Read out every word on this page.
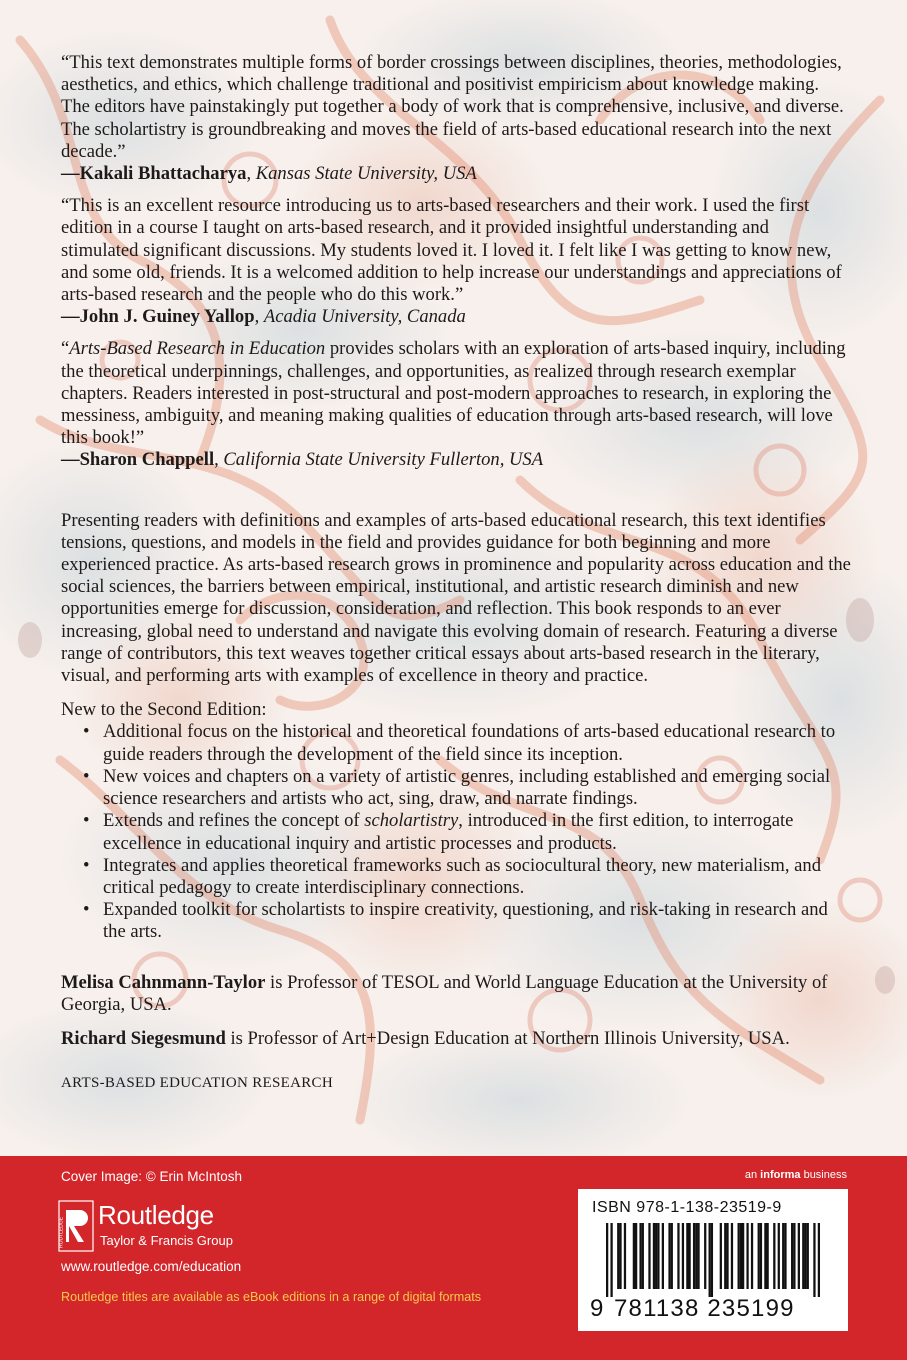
“This text demonstrates multiple forms of border crossings between disciplines, theories, methodologies, aesthetics, and ethics, which challenge traditional and positivist empiricism about knowledge making. The editors have painstakingly put together a body of work that is comprehensive, inclusive, and diverse. The scholartistry is groundbreaking and moves the field of arts-based educational research into the next decade.”

—Kakali Bhattacharya, Kansas State University, USA

“This is an excellent resource introducing us to arts-based researchers and their work. I used the first edition in a course I taught on arts-based research, and it provided insightful understanding and stimulated significant discussions. My students loved it. I loved it. I felt like I was getting to know new, and some old, friends. It is a welcomed addition to help increase our understandings and appreciations of arts-based research and the people who do this work.”

—John J. Guiney Yallop, Acadia University, Canada

“Arts-Based Research in Education provides scholars with an exploration of arts-based inquiry, including the theoretical underpinnings, challenges, and opportunities, as realized through research exemplar chapters. Readers interested in post-structural and post-modern approaches to research, in exploring the messiness, ambiguity, and meaning making qualities of education through arts-based research, will love this book!”

—Sharon Chappell, California State University Fullerton, USA

Presenting readers with definitions and examples of arts-based educational research, this text identifies tensions, questions, and models in the field and provides guidance for both beginning and more experienced practice. As arts-based research grows in prominence and popularity across education and the social sciences, the barriers between empirical, institutional, and artistic research diminish and new opportunities emerge for discussion, consideration, and reflection. This book responds to an ever increasing, global need to understand and navigate this evolving domain of research. Featuring a diverse range of contributors, this text weaves together critical essays about arts-based research in the literary, visual, and performing arts with examples of excellence in theory and practice.

New to the Second Edition:

• Additional focus on the historical and theoretical foundations of arts-based educational research to guide readers through the development of the field since its inception.
• New voices and chapters on a variety of artistic genres, including established and emerging social science researchers and artists who act, sing, draw, and narrate findings.
• Extends and refines the concept of scholartistry, introduced in the first edition, to interrogate excellence in educational inquiry and artistic processes and products.
• Integrates and applies theoretical frameworks such as sociocultural theory, new materialism, and critical pedagogy to create interdisciplinary connections.
• Expanded toolkit for scholartists to inspire creativity, questioning, and risk-taking in research and the arts.

Melisa Cahnmann-Taylor is Professor of TESOL and World Language Education at the University of Georgia, USA.

Richard Siegesmund is Professor of Art+Design Education at Northern Illinois University, USA.

ARTS-BASED EDUCATION RESEARCH

Cover Image: © Erin McIntosh	an informa business
ROUTLEDGE
Routledge
Taylor & Francis Group
www.routledge.com/education
Routledge titles are available as eBook editions in a range of digital formats
ISBN 978-1-138-23519-9
9 781138 235199
